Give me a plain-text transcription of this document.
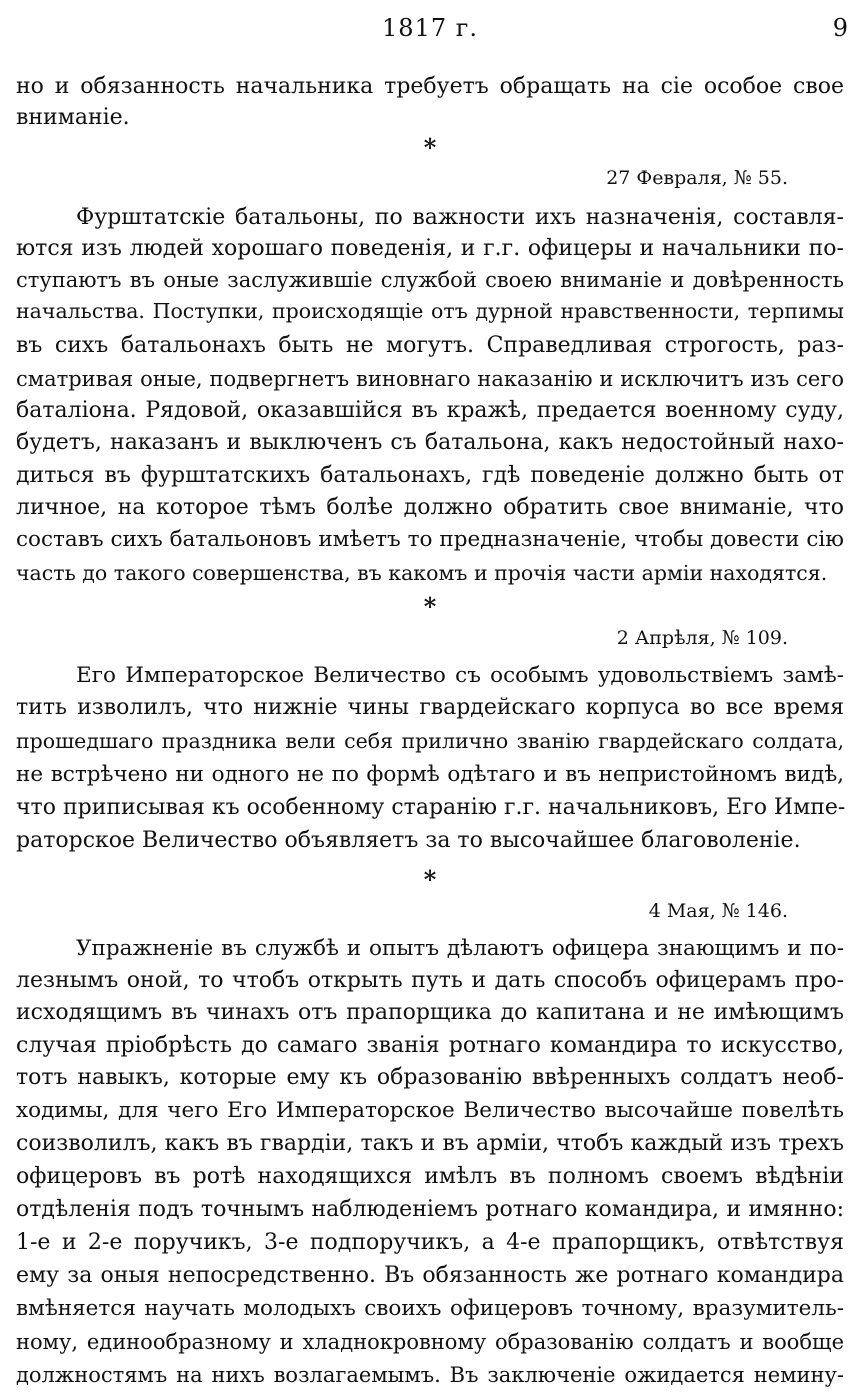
1817 г.	9
но и обязанность начальника требуетъ обращать на сіе особое свое
вниманіе.
*
27 Февраля, № 55.
Фурштатскіе батальоны, по важности ихъ назначенія, составля-
ются изъ людей хорошаго поведенія, и г.г. офицеры и начальники по-
ступаютъ въ оные заслужившіе службой своею вниманіе и довѣренность
начальства. Поступки, происходящіе отъ дурной нравственности, терпимы
въ сихъ батальонахъ быть не могутъ. Справедливая строгость, раз-
сматривая оные, подвергнетъ виновнаго наказанію и исключитъ изъ сего
баталіона. Рядовой, оказавшійся въ кражѣ, предается военному суду,
будетъ, наказанъ и выключенъ съ батальона, какъ недостойный нахо-
диться въ фурштатскихъ батальонахъ, гдѣ поведеніе должно быть от
личное, на которое тѣмъ болѣе должно обратить свое вниманіе, что
составъ сихъ батальоновъ имѣетъ то предназначеніе, чтобы довести сію
часть до такого совершенства, въ какомъ и прочія части арміи находятся.
*
2 Апрѣля, № 109.
Его Императорское Величество съ особымъ удовольствіемъ замѣ-
тить изволилъ, что нижніе чины гвардейскаго корпуса во все время
прошедшаго праздника вели себя прилично званію гвардейскаго солдата,
не встрѣчено ни одного не по формѣ одѣтаго и въ непристойномъ видѣ,
что приписывая къ особенному старанію г.г. начальниковъ, Его Импе-
раторское Величество объявляетъ за то высочайшее благоволеніе.
*
4 Мая, № 146.
Упражненіе въ службѣ и опытъ дѣлаютъ офицера знающимъ и по-
лезнымъ оной, то чтобъ открыть путь и дать способъ офицерамъ про-
исходящимъ въ чинахъ отъ прапорщика до капитана и не имѣющимъ
случая пріобрѣсть до самаго званія ротнаго командира то искусство,
тотъ навыкъ, которые ему къ образованію ввѣренныхъ солдатъ необ-
ходимы, для чего Его Императорское Величество высочайше повелѣть
соизволилъ, какъ въ гвардіи, такъ и въ арміи, чтобъ каждый изъ трехъ
офицеровъ въ ротѣ находящихся имѣлъ въ полномъ своемъ вѣдѣніи
отдѣленія подъ точнымъ наблюденіемъ ротнаго командира, и имянно:
1-е и 2-е поручикъ, 3-е подпоручикъ, а 4-е прапорщикъ, отвѣтствуя
ему за оныя непосредственно. Въ обязанность же ротнаго командира
вмѣняется научать молодыхъ своихъ офицеровъ точному, вразумитель-
ному, единообразному и хладнокровному образованію солдатъ и вообще
должностямъ на нихъ возлагаемымъ. Въ заключеніе ожидается немину-
